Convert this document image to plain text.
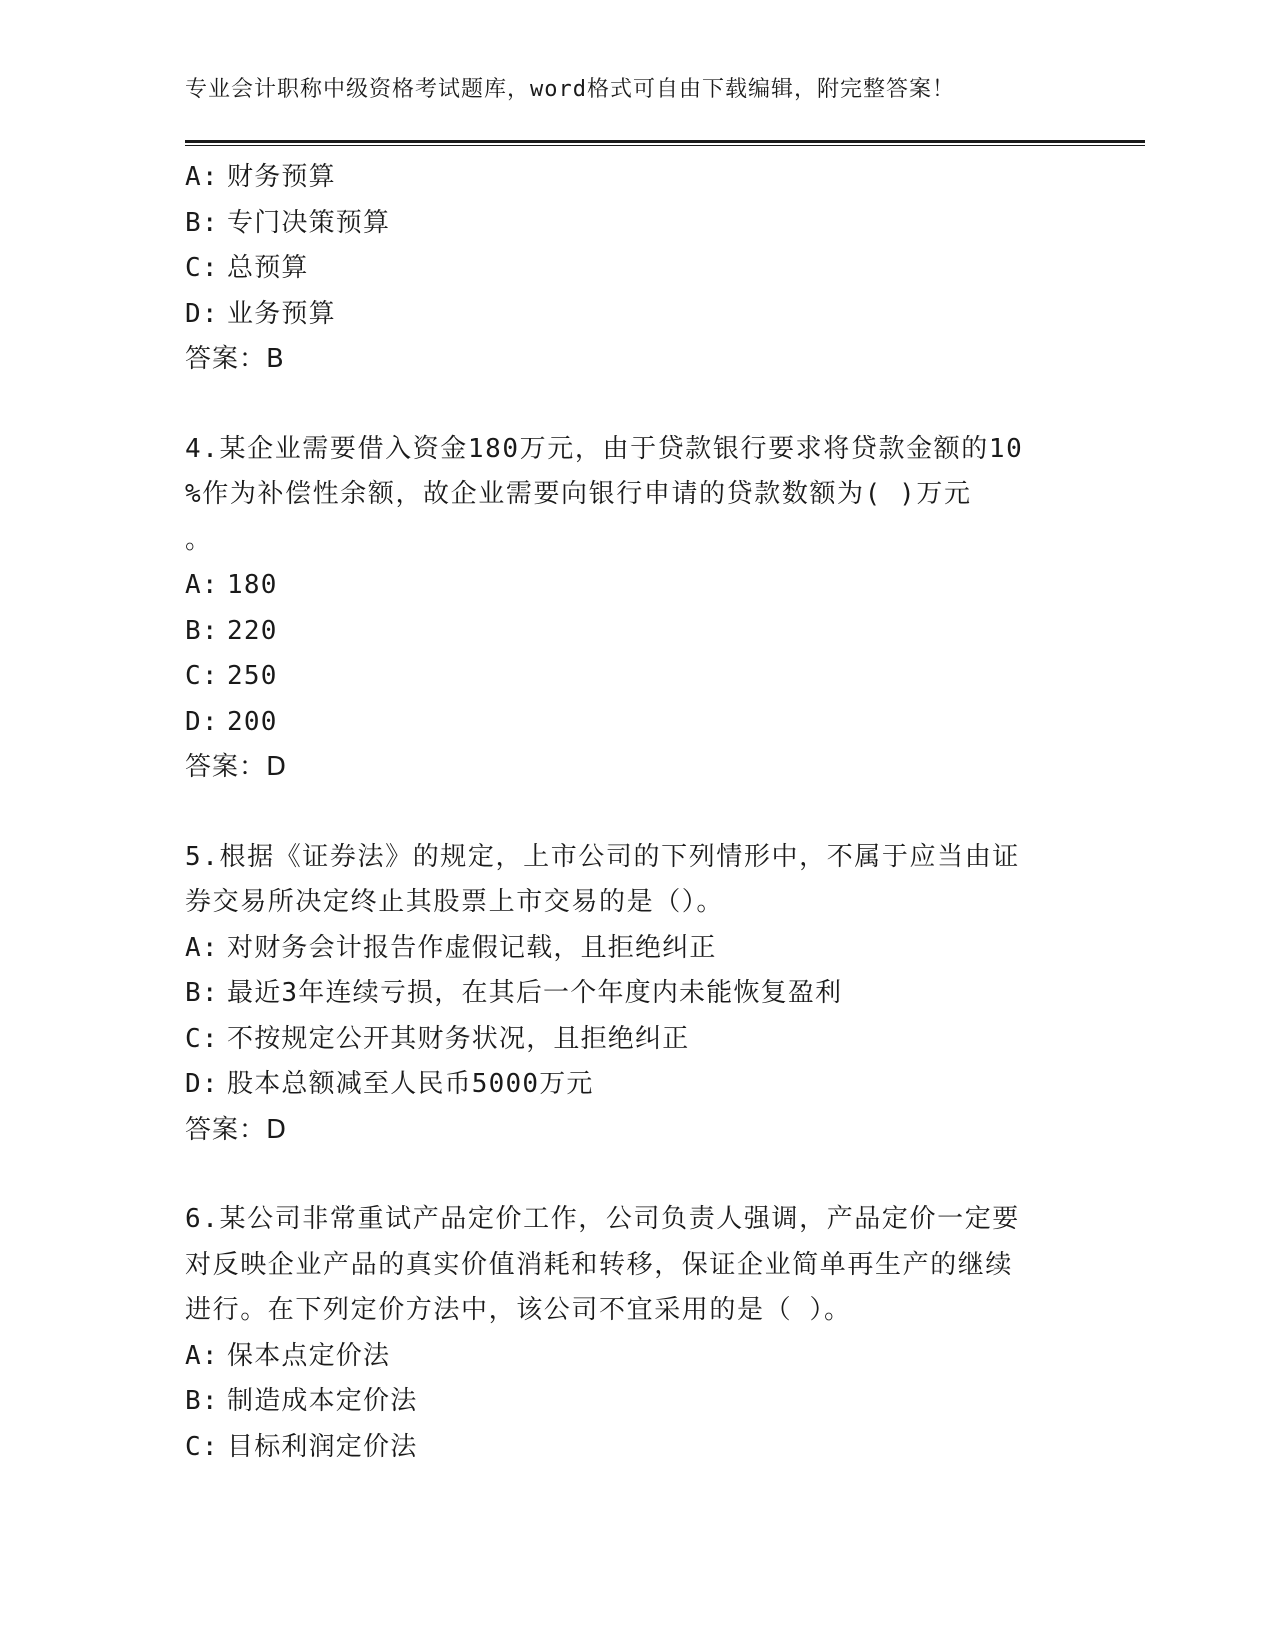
专业会计职称中级资格考试题库，word格式可自由下载编辑，附完整答案！
A: 财务预算
B: 专门决策预算
C: 总预算
D: 业务预算
答案：B
4.某企业需要借入资金180万元，由于贷款银行要求将贷款金额的10
%作为补偿性余额，故企业需要向银行申请的贷款数额为( )万元
。
A: 180
B: 220
C: 250
D: 200
答案：D
5.根据《证券法》的规定，上市公司的下列情形中，不属于应当由证
券交易所决定终止其股票上市交易的是（）。
A: 对财务会计报告作虚假记载，且拒绝纠正
B: 最近3年连续亏损，在其后一个年度内未能恢复盈利
C: 不按规定公开其财务状况，且拒绝纠正
D: 股本总额减至人民币5000万元
答案：D
6.某公司非常重试产品定价工作，公司负责人强调，产品定价一定要
对反映企业产品的真实价值消耗和转移，保证企业简单再生产的继续
进行。在下列定价方法中，该公司不宜采用的是（ ）。
A: 保本点定价法
B: 制造成本定价法
C: 目标利润定价法
